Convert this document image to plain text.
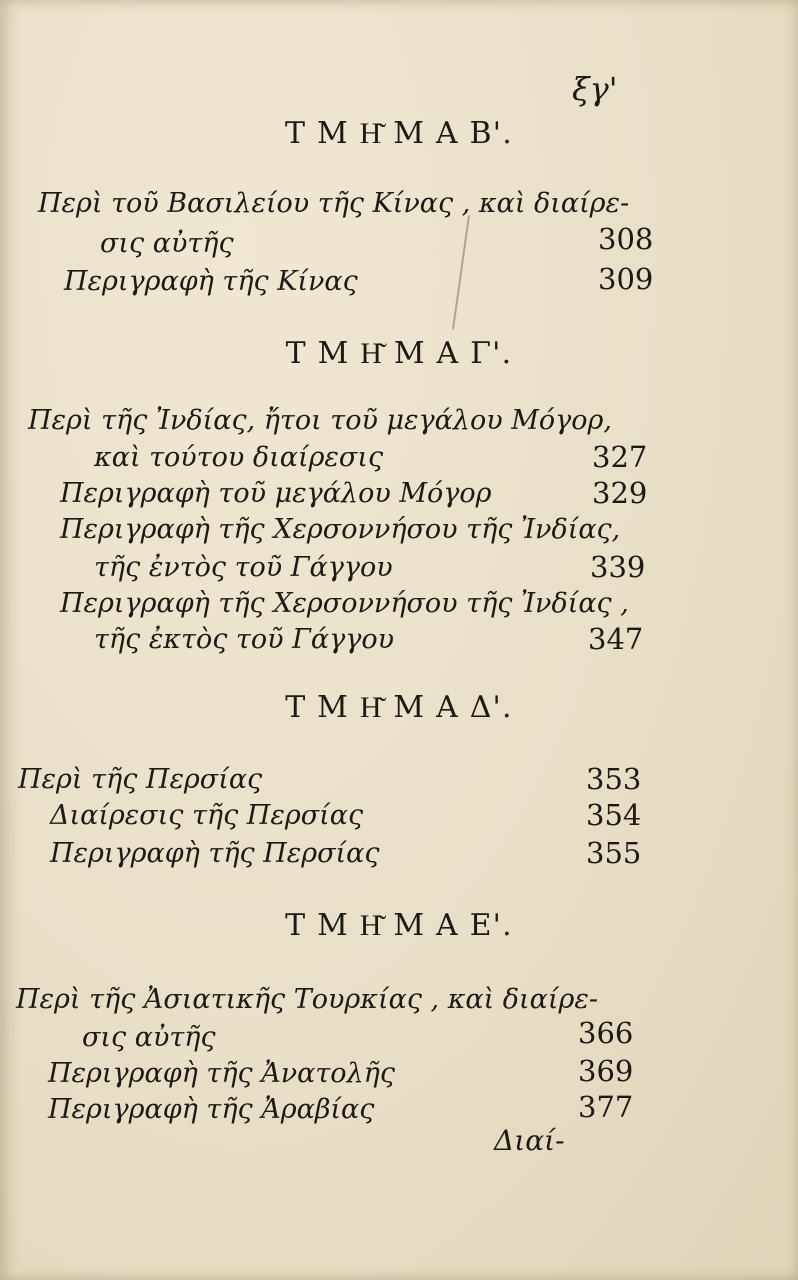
ξγ'
Τ Μ Η͂ Μ Α Β'.
Περὶ τοῦ Βασιλείου τῆς Κίνας , καὶ διαίρε-
σις αὐτῆς	308
Περιγραφὴ τῆς Κίνας	309
Τ Μ Η͂ Μ Α Γ'.
Περὶ τῆς Ἰνδίας, ἤτοι τοῦ μεγάλου Μόγορ,
καὶ τούτου διαίρεσις	327
Περιγραφὴ τοῦ μεγάλου Μόγορ	329
Περιγραφὴ τῆς Χερσοννήσου τῆς Ἰνδίας,
τῆς ἐντὸς τοῦ Γάγγου	339
Περιγραφὴ τῆς Χερσοννήσου τῆς Ἰνδίας ,
τῆς ἐκτὸς τοῦ Γάγγου	347
Τ Μ Η͂ Μ Α Δ'.
Περὶ τῆς Περσίας	353
Διαίρεσις τῆς Περσίας	354
Περιγραφὴ τῆς Περσίας	355
Τ Μ Η͂ Μ Α Ε'.
Περὶ τῆς Ἀσιατικῆς Τουρκίας , καὶ διαίρε-
σις αὐτῆς	366
Περιγραφὴ τῆς Ἀνατολῆς	369
Περιγραφὴ τῆς Ἀραβίας	377
Διαί-
